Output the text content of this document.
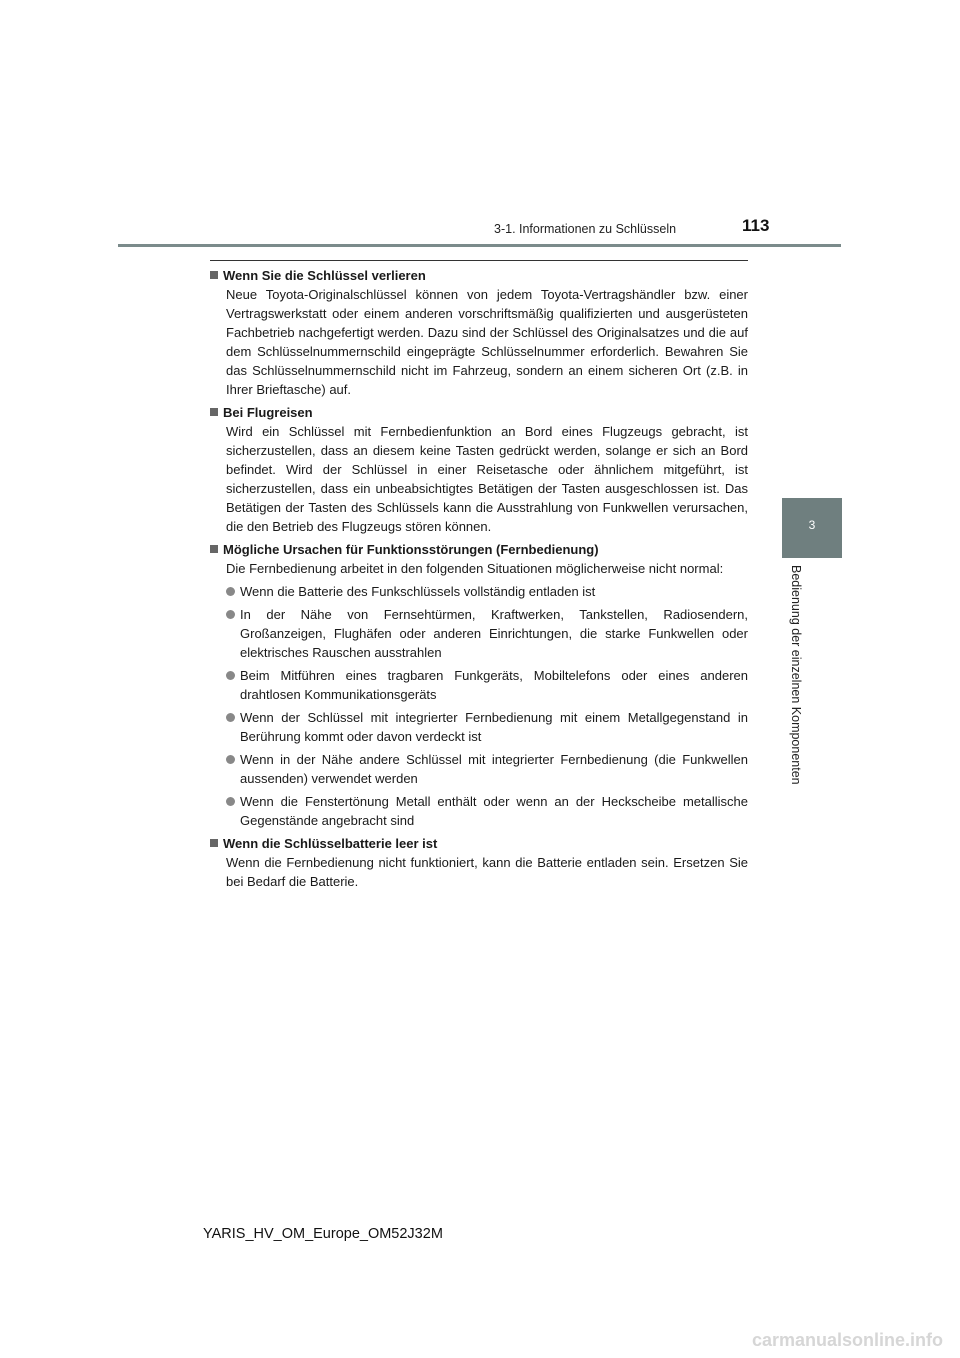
3-1. Informationen zu Schlüsseln	113
3
Bedienung der einzelnen Komponenten
Wenn Sie die Schlüssel verlieren
Neue Toyota-Originalschlüssel können von jedem Toyota-Vertragshändler bzw. einer Vertragswerkstatt oder einem anderen vorschriftsmäßig qualifizierten und ausgerüsteten Fachbetrieb nachgefertigt werden. Dazu sind der Schlüssel des Originalsatzes und die auf dem Schlüsselnummernschild eingeprägte Schlüsselnummer erforderlich. Bewahren Sie das Schlüsselnummernschild nicht im Fahrzeug, sondern an einem sicheren Ort (z.B. in Ihrer Brieftasche) auf.
Bei Flugreisen
Wird ein Schlüssel mit Fernbedienfunktion an Bord eines Flugzeugs gebracht, ist sicherzustellen, dass an diesem keine Tasten gedrückt werden, solange er sich an Bord befindet. Wird der Schlüssel in einer Reisetasche oder ähnlichem mitgeführt, ist sicherzustellen, dass ein unbeabsichtigtes Betätigen der Tasten ausgeschlossen ist. Das Betätigen der Tasten des Schlüssels kann die Ausstrahlung von Funkwellen verursachen, die den Betrieb des Flugzeugs stören können.
Mögliche Ursachen für Funktionsstörungen (Fernbedienung)
Die Fernbedienung arbeitet in den folgenden Situationen möglicherweise nicht normal:
Wenn die Batterie des Funkschlüssels vollständig entladen ist
In der Nähe von Fernsehtürmen, Kraftwerken, Tankstellen, Radiosendern, Großanzeigen, Flughäfen oder anderen Einrichtungen, die starke Funkwellen oder elektrisches Rauschen ausstrahlen
Beim Mitführen eines tragbaren Funkgeräts, Mobiltelefons oder eines anderen drahtlosen Kommunikationsgeräts
Wenn der Schlüssel mit integrierter Fernbedienung mit einem Metallgegenstand in Berührung kommt oder davon verdeckt ist
Wenn in der Nähe andere Schlüssel mit integrierter Fernbedienung (die Funkwellen aussenden) verwendet werden
Wenn die Fenstertönung Metall enthält oder wenn an der Heckscheibe metallische Gegenstände angebracht sind
Wenn die Schlüsselbatterie leer ist
Wenn die Fernbedienung nicht funktioniert, kann die Batterie entladen sein. Ersetzen Sie bei Bedarf die Batterie.
YARIS_HV_OM_Europe_OM52J32M
carmanualsonline.info
